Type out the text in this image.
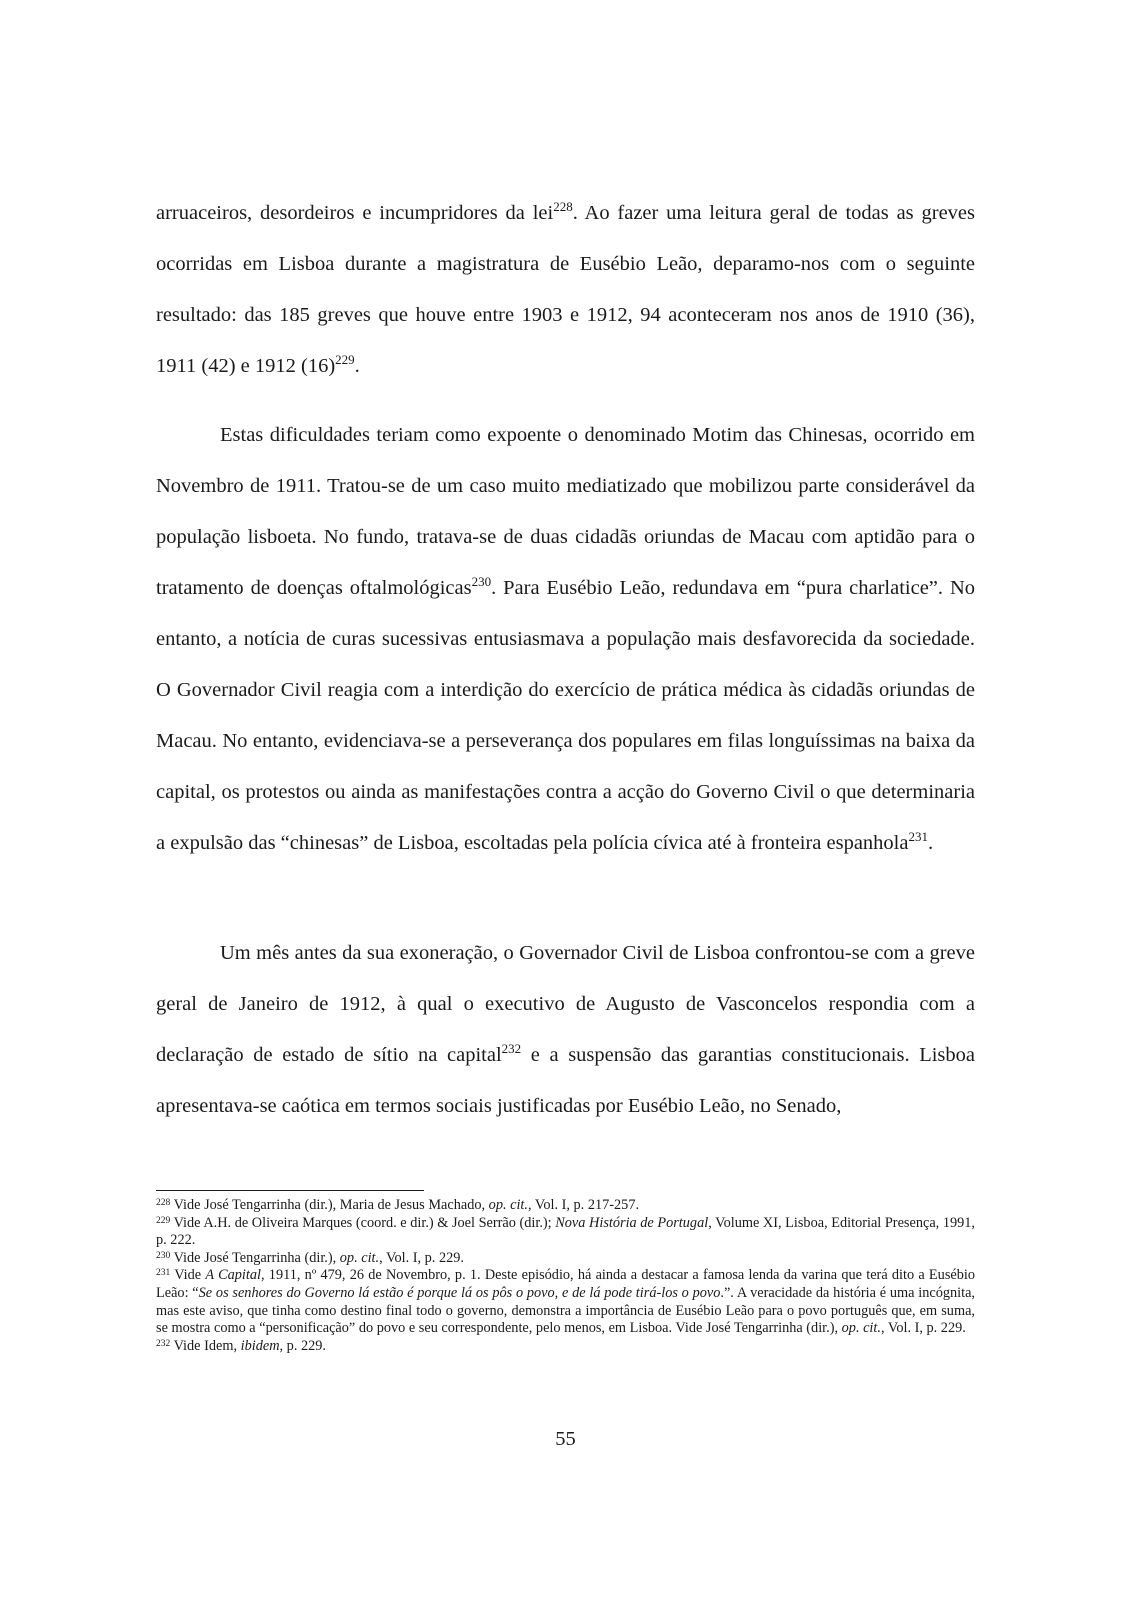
arruaceiros, desordeiros e incumpridores da lei$^{228}$. Ao fazer uma leitura geral de todas as greves ocorridas em Lisboa durante a magistratura de Eusébio Leão, deparamo-nos com o seguinte resultado: das 185 greves que houve entre 1903 e 1912, 94 aconteceram nos anos de 1910 (36), 1911 (42) e 1912 $(16)^{229}$.

Estas dificuldades teriam como expoente o denominado Motim das Chinesas, ocorrido em Novembro de 1911. Tratou-se de um caso muito mediatizado que mobilizou parte considerável da população lisboeta. No fundo, tratava-se de duas cidadãs oriundas de Macau com aptidão para o tratamento de doenças oftalmológicas$^{230}$. Para Eusébio Leão, redundava em “pura charlatice”. No entanto, a notícia de curas sucessivas entusiasmava a população mais desfavorecida da sociedade. O Governador Civil reagia com a interdição do exercício de prática médica às cidadãs oriundas de Macau. No entanto, evidenciava-se a perseverança dos populares em filas longuíssimas na baixa da capital, os protestos ou ainda as manifestações contra a acção do Governo Civil o que determinaria a expulsão das “chinesas” de Lisboa, escoltadas pela polícia cívica até à fronteira espanhola$^{231}$.

Um mês antes da sua exoneração, o Governador Civil de Lisboa confrontou-se com a greve geral de Janeiro de 1912, à qual o executivo de Augusto de Vasconcelos respondia com a declaração de estado de sítio na capital$^{232}$ e a suspensão das garantias constitucionais. Lisboa apresentava-se caótica em termos sociais justificadas por Eusébio Leão, no Senado,

$^{228}$ Vide José Tengarrinha (dir.), Maria de Jesus Machado, op. cit., Vol. I, p. 217-257.

$^{229}$ Vide A.H. de Oliveira Marques (coord. e dir.) & Joel Serrão (dir.); Nova História de Portugal, Volume XI, Lisboa, Editorial Presença, 1991, p. 222.

$^{230}$ Vide José Tengarrinha (dir.), op. cit., Vol. I, p. 229.

$^{231}$ Vide A Capital, 1911, nº 479, 26 de Novembro, p. 1. Deste episódio, há ainda a destacar a famosa lenda da varina que terá dito a Eusébio Leão: “Se os senhores do Governo lá estão é porque lá os pôs o povo, e de lá pode tirá-los o povo.”. A veracidade da história é uma incógnita, mas este aviso, que tinha como destino final todo o governo, demonstra a importância de Eusébio Leão para o povo português que, em suma, se mostra como a “personificação” do povo e seu correspondente, pelo menos, em Lisboa. Vide José Tengarrinha (dir.), op. cit., Vol. I, p. 229.

$^{232}$ Vide Idem, ibidem, p. 229.

55
